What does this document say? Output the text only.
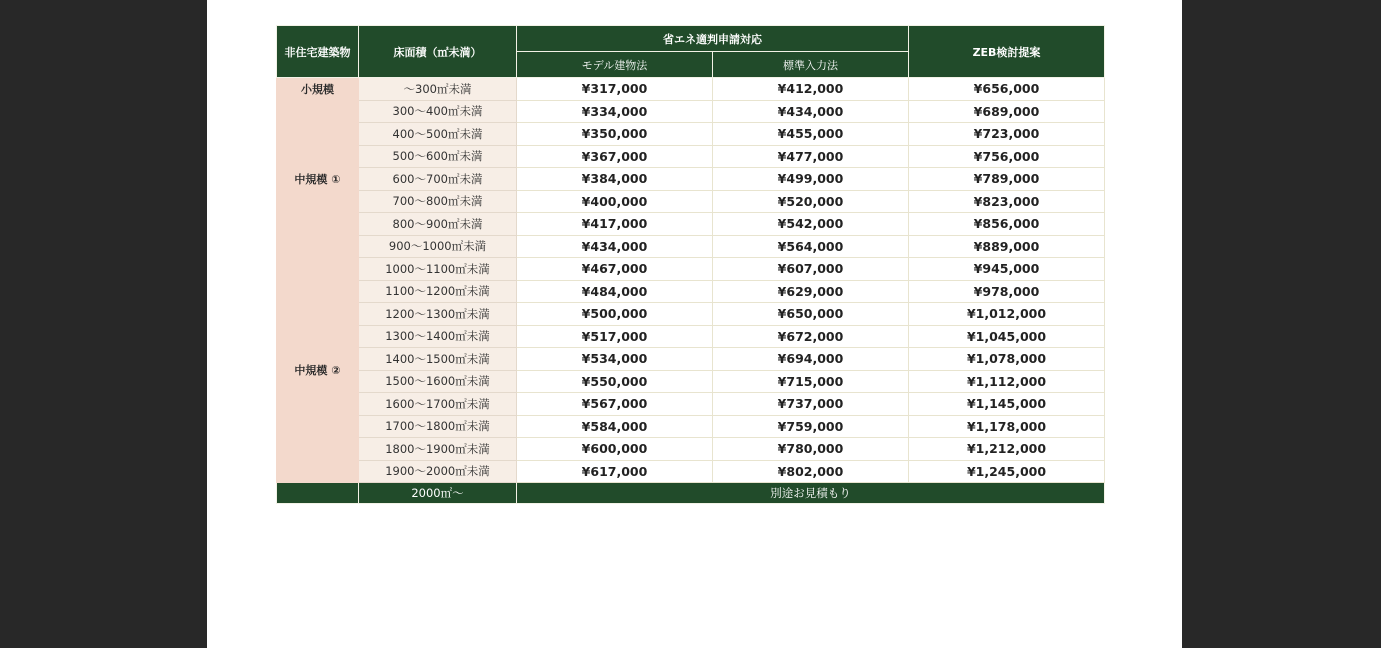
非住宅建築物	床面積（㎡未満）	省エネ適判申請対応		ZEB検討提案
		モデル建物法	標準入力法	
小規模	～300㎡未満	¥317,000	¥412,000	¥656,000
中規模 ①	300～400㎡未満	¥334,000	¥434,000	¥689,000
	400～500㎡未満	¥350,000	¥455,000	¥723,000
	500～600㎡未満	¥367,000	¥477,000	¥756,000
	600～700㎡未満	¥384,000	¥499,000	¥789,000
	700～800㎡未満	¥400,000	¥520,000	¥823,000
	800～900㎡未満	¥417,000	¥542,000	¥856,000
	900～1000㎡未満	¥434,000	¥564,000	¥889,000
中規模 ②	1000～1100㎡未満	¥467,000	¥607,000	¥945,000
	1100～1200㎡未満	¥484,000	¥629,000	¥978,000
	1200～1300㎡未満	¥500,000	¥650,000	¥1,012,000
	1300～1400㎡未満	¥517,000	¥672,000	¥1,045,000
	1400～1500㎡未満	¥534,000	¥694,000	¥1,078,000
	1500～1600㎡未満	¥550,000	¥715,000	¥1,112,000
	1600～1700㎡未満	¥567,000	¥737,000	¥1,145,000
	1700～1800㎡未満	¥584,000	¥759,000	¥1,178,000
	1800～1900㎡未満	¥600,000	¥780,000	¥1,212,000
	1900～2000㎡未満	¥617,000	¥802,000	¥1,245,000
	2000㎡～	別途お見積もり		
